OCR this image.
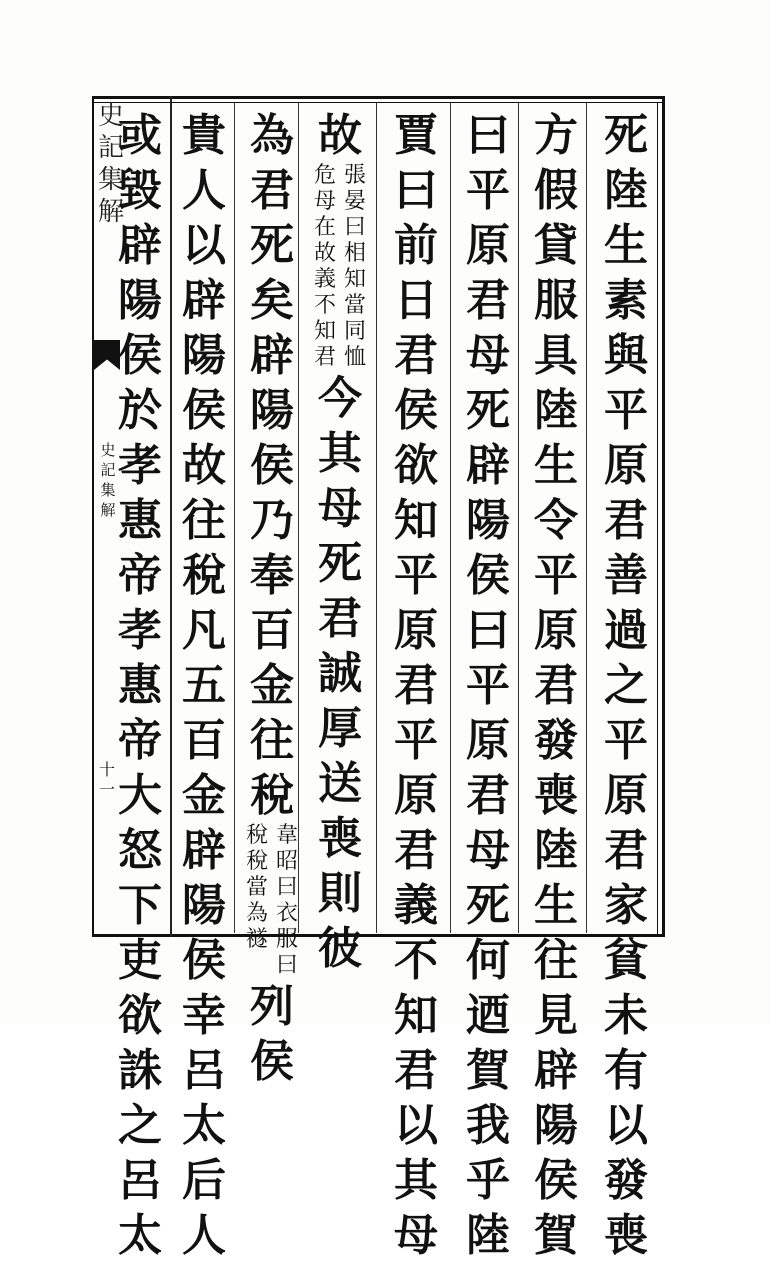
史記集解
史記集解
十一
死陸生素與平原君善過之平原君家貧未有以發喪
方假貸服具陸生令平原君發喪陸生往見辟陽侯賀
曰平原君母死辟陽侯曰平原君母死何迺賀我乎陸
賈曰前日君侯欲知平原君平原君義不知君以其母
故
張晏曰相知當同恤
危母在故義不知君
今其母死君誠厚送喪則彼
為君死矣辟陽侯乃奉百金往稅
韋昭曰衣服曰
稅稅當為襚
列侯
貴人以辟陽侯故往稅凡五百金辟陽侯幸呂太后人
或毀辟陽侯於孝惠帝孝惠帝大怒下吏欲誅之呂太
